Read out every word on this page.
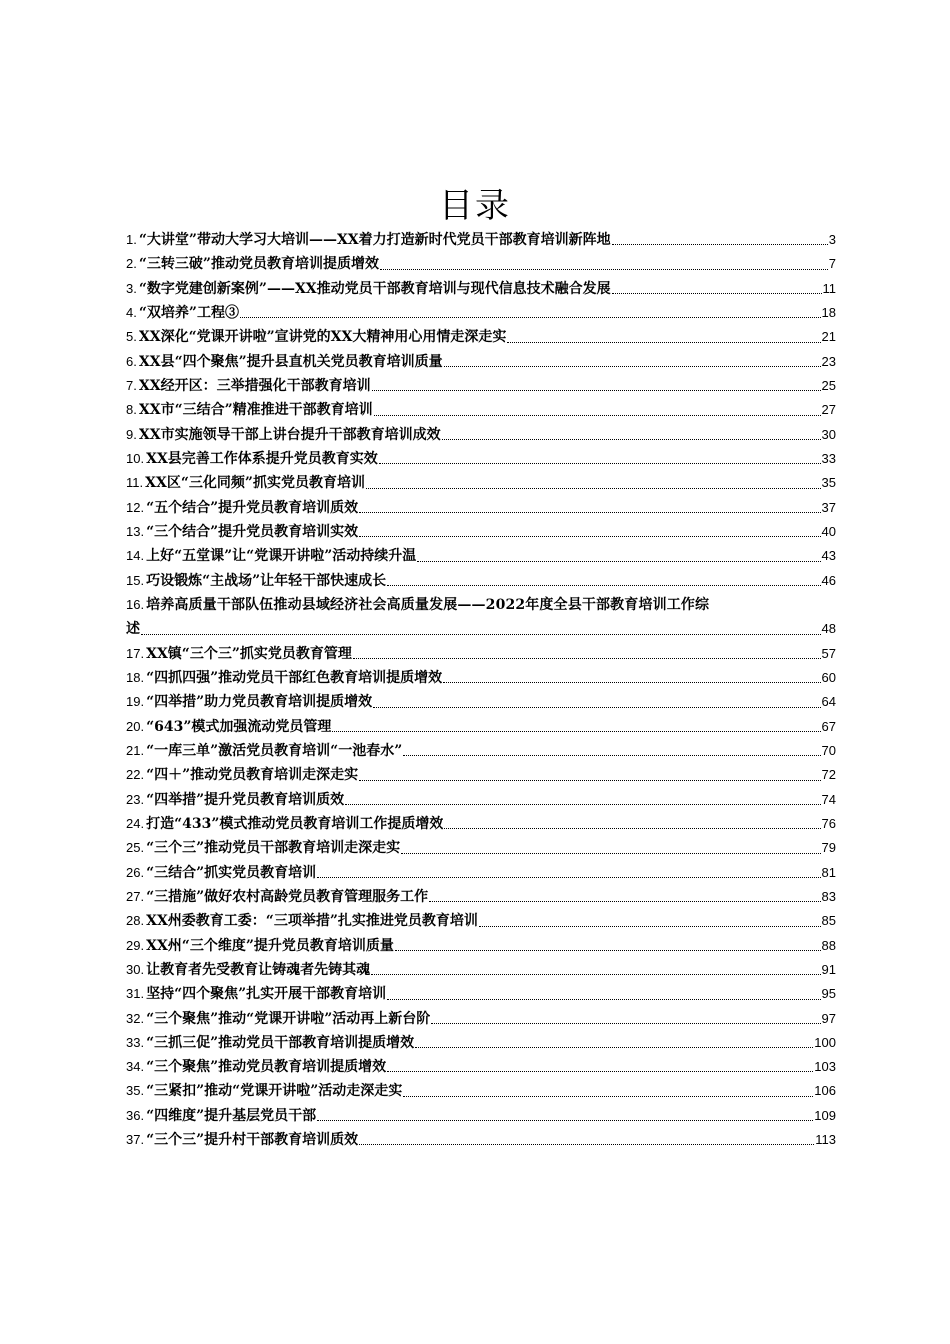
目录
1. “大讲堂”带动大学习大培训——XX着力打造新时代党员干部教育培训新阵地	3
2. “三转三破”推动党员教育培训提质增效	7
3. “数字党建创新案例”——XX推动党员干部教育培训与现代信息技术融合发展	11
4. “双培养”工程③	18
5. XX深化“党课开讲啦”宣讲党的XX大精神用心用情走深走实	21
6. XX县“四个聚焦”提升县直机关党员教育培训质量	23
7. XX经开区：三举措强化干部教育培训	25
8. XX市“三结合”精准推进干部教育培训	27
9. XX市实施领导干部上讲台提升干部教育培训成效	30
10. XX县完善工作体系提升党员教育实效	33
11. XX区“三化同频”抓实党员教育培训	35
12. “五个结合”提升党员教育培训质效	37
13. “三个结合”提升党员教育培训实效	40
14. 上好“五堂课”让“党课开讲啦”活动持续升温	43
15. 巧设锻炼“主战场”让年轻干部快速成长	46
16. 培养高质量干部队伍推动县域经济社会高质量发展——2022年度全县干部教育培训工作综
述	48
17. XX镇“三个三”抓实党员教育管理	57
18. “四抓四强”推动党员干部红色教育培训提质增效	60
19. “四举措”助力党员教育培训提质增效	64
20. “643”模式加强流动党员管理	67
21. “一库三单”激活党员教育培训“一池春水”	70
22. “四＋”推动党员教育培训走深走实	72
23. “四举措”提升党员教育培训质效	74
24. 打造“433”模式推动党员教育培训工作提质增效	76
25. “三个三”推动党员干部教育培训走深走实	79
26. “三结合”抓实党员教育培训	81
27. “三措施”做好农村高龄党员教育管理服务工作	83
28. XX州委教育工委：“三项举措”扎实推进党员教育培训	85
29. XX州“三个维度”提升党员教育培训质量	88
30. 让教育者先受教育让铸魂者先铸其魂	91
31. 坚持“四个聚焦”扎实开展干部教育培训	95
32. “三个聚焦”推动“党课开讲啦”活动再上新台阶	97
33. “三抓三促”推动党员干部教育培训提质增效	100
34. “三个聚焦”推动党员教育培训提质增效	103
35. “三紧扣”推动“党课开讲啦”活动走深走实	106
36. “四维度”提升基层党员干部	109
37. “三个三”提升村干部教育培训质效	113
